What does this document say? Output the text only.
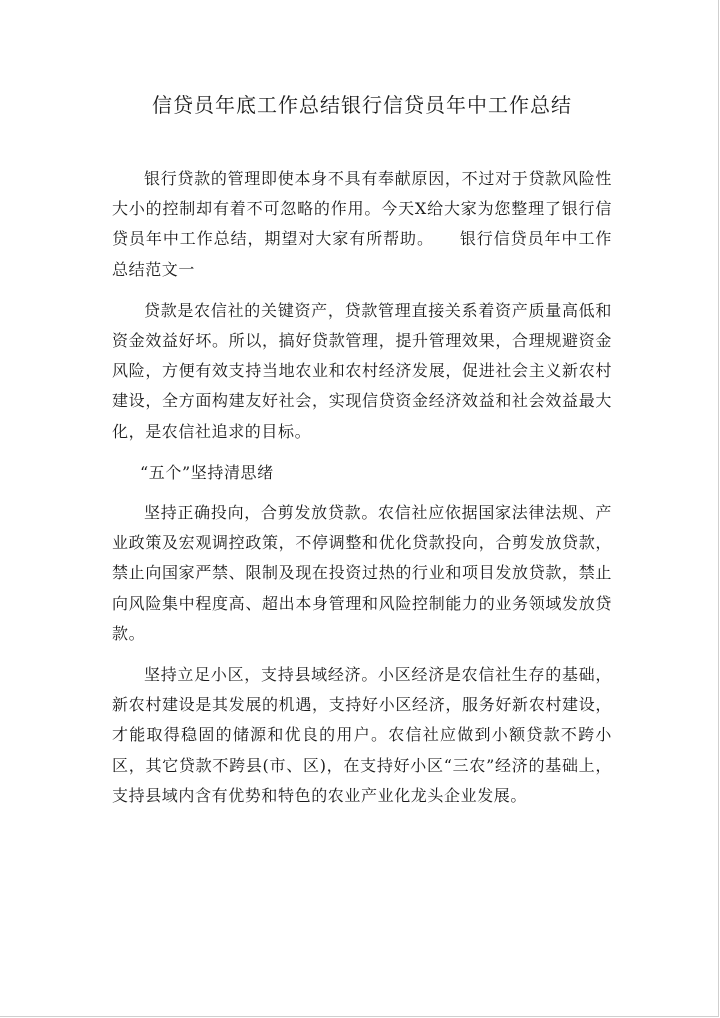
信贷员年底工作总结银行信贷员年中工作总结

银行贷款的管理即使本身不具有奉献原因，不过对于贷款风险性大小的控制却有着不可忽略的作用。今天X给大家为您整理了银行信贷员年中工作总结，期望对大家有所帮助。　　银行信贷员年中工作总结范文一

贷款是农信社的关键资产，贷款管理直接关系着资产质量高低和资金效益好坏。所以，搞好贷款管理，提升管理效果，合理规避资金风险，方便有效支持当地农业和农村经济发展，促进社会主义新农村建设，全方面构建友好社会，实现信贷资金经济效益和社会效益最大化，是农信社追求的目标。

“五个”坚持清思绪

坚持正确投向，合剪发放贷款。农信社应依据国家法律法规、产业政策及宏观调控政策，不停调整和优化贷款投向，合剪发放贷款，禁止向国家严禁、限制及现在投资过热的行业和项目发放贷款，禁止向风险集中程度高、超出本身管理和风险控制能力的业务领域发放贷款。

坚持立足小区，支持县域经济。小区经济是农信社生存的基础，新农村建设是其发展的机遇，支持好小区经济，服务好新农村建设，才能取得稳固的储源和优良的用户。农信社应做到小额贷款不跨小区，其它贷款不跨县(市、区)，在支持好小区“三农”经济的基础上，支持县域内含有优势和特色的农业产业化龙头企业发展。
